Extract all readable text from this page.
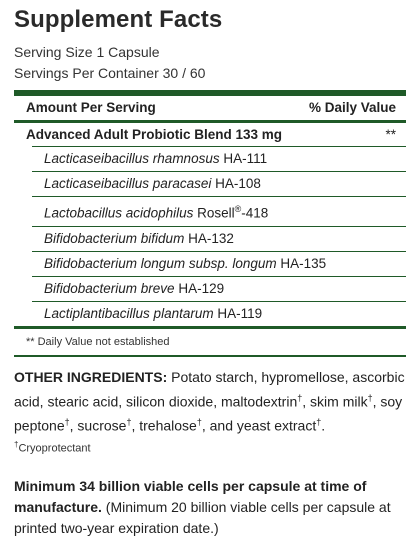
Supplement Facts
Serving Size 1 Capsule
Servings Per Container 30 / 60
Amount Per Serving	% Daily Value
Advanced Adult Probiotic Blend 133 mg	**
Lacticaseibacillus rhamnosus HA-111
Lacticaseibacillus paracasei HA-108
Lactobacillus acidophilus Rosell®-418
Bifidobacterium bifidum HA-132
Bifidobacterium longum subsp. longum HA-135
Bifidobacterium breve HA-129
Lactiplantibacillus plantarum HA-119
** Daily Value not established
OTHER INGREDIENTS: Potato starch, hypromellose, ascorbic acid, stearic acid, silicon dioxide, maltodextrin†, skim milk†, soy peptone†, sucrose†, trehalose†, and yeast extract†.
†Cryoprotectant
Minimum 34 billion viable cells per capsule at time of manufacture. (Minimum 20 billion viable cells per capsule at printed two-year expiration date.)
